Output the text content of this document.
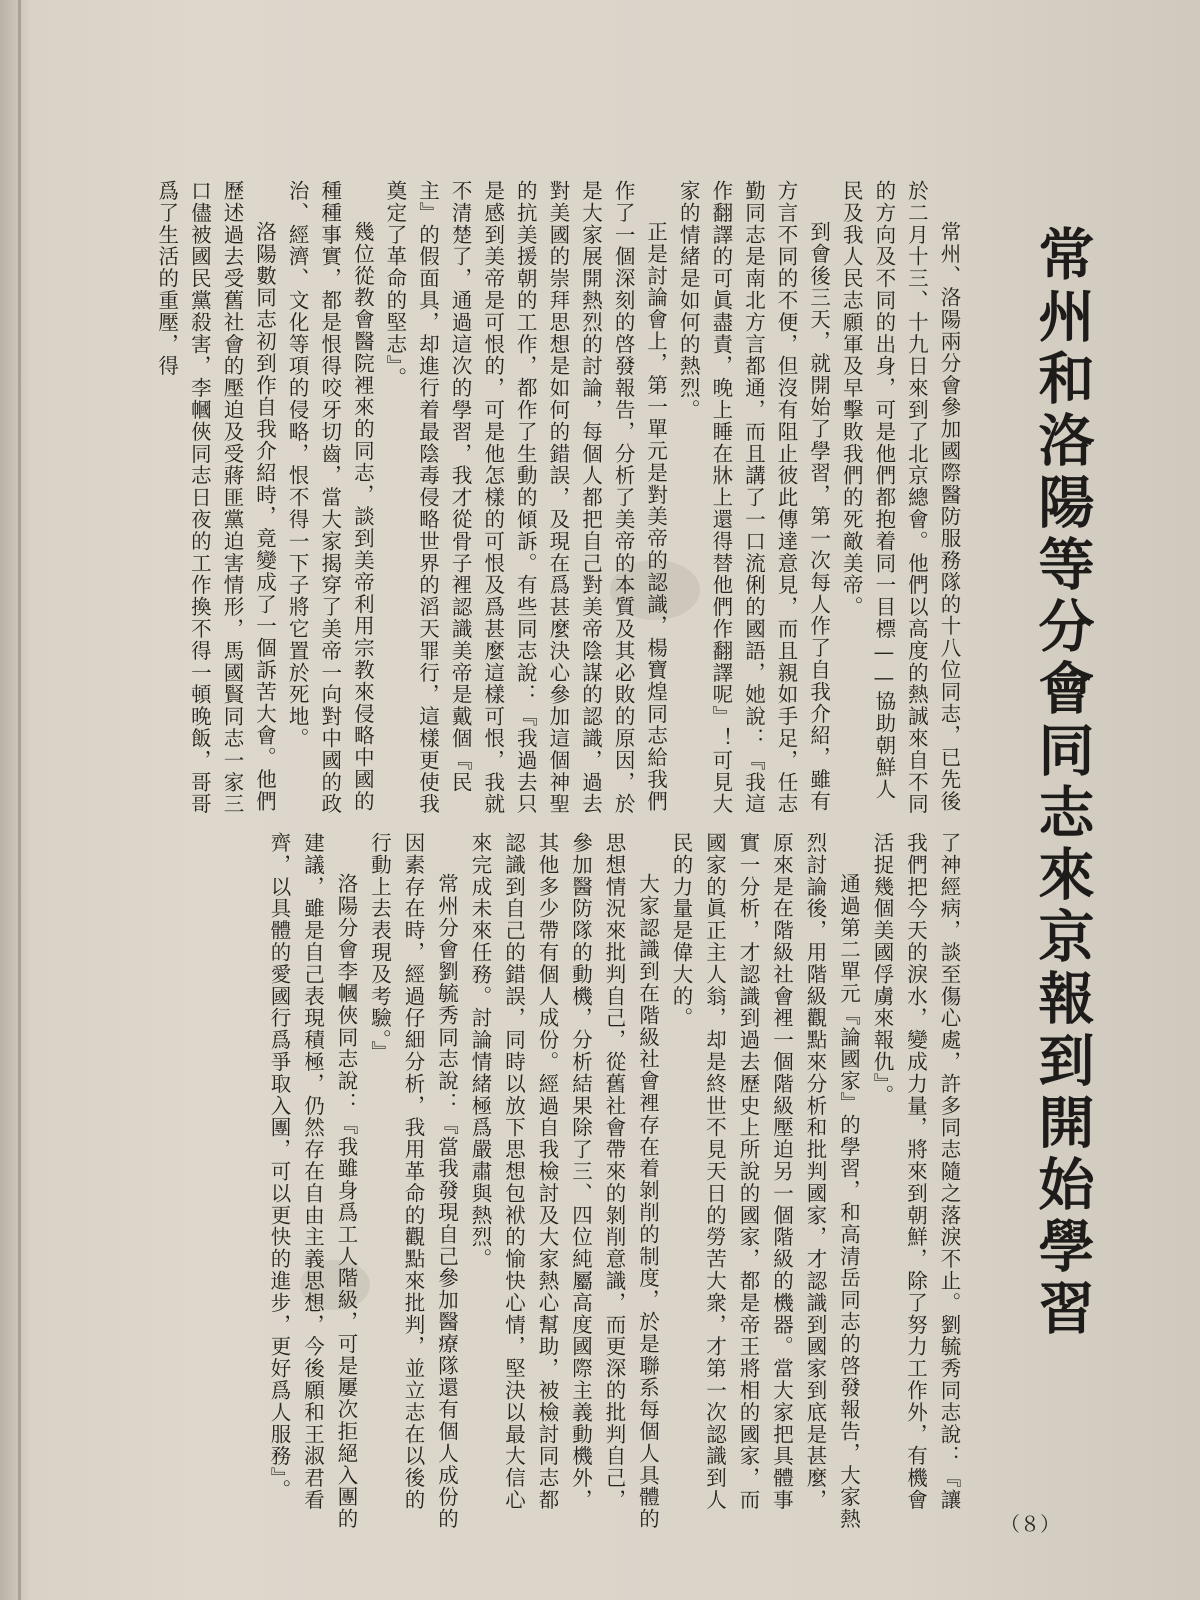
常州和洛陽等分會同志來京報到開始學習

常州、洛陽兩分會參加國際醫防服務隊的十八位同志，已先後於二月十三、十九日來到了北京總會。他們以高度的熱誠來自不同的方向及不同的出身，可是他們都抱着同一目標——協助朝鮮人民及我人民志願軍及早擊敗我們的死敵美帝。

到會後三天，就開始了學習，第一次每人作了自我介紹，雖有方言不同的不便，但沒有阻止彼此傳達意見，而且親如手足，任志勤同志是南北方言都通，而且講了一口流俐的國語，她說：『我這作翻譯的可眞盡責，晚上睡在牀上還得替他們作翻譯呢』！可見大家的情緒是如何的熱烈。

正是討論會上，第一單元是對美帝的認識，楊寶煌同志給我們作了一個深刻的啓發報告，分析了美帝的本質及其必敗的原因，於是大家展開熱烈的討論，每個人都把自己對美帝陰謀的認識，過去對美國的崇拜思想是如何的錯誤，及現在爲甚麼決心參加這個神聖的抗美援朝的工作，都作了生動的傾訴。有些同志說：『我過去只是感到美帝是可恨的，可是他怎樣的可恨及爲甚麼這樣可恨，我就不清楚了，通過這次的學習，我才從骨子裡認識美帝是戴個『民主』的假面具，却進行着最陰毒侵略世界的滔天罪行，這樣更使我奠定了革命的堅志』。

幾位從教會醫院裡來的同志，談到美帝利用宗教來侵略中國的種種事實，都是恨得咬牙切齒，當大家揭穿了美帝一向對中國的政治、經濟、文化等項的侵略，恨不得一下子將它置於死地。

洛陽數同志初到作自我介紹時，竟變成了一個訴苦大會。他們歷述過去受舊社會的壓迫及受蔣匪黨迫害情形，馬國賢同志一家三口儘被國民黨殺害，李幗俠同志日夜的工作換不得一頓晚飯，哥哥爲了生活的重壓，得

了神經病，談至傷心處，許多同志隨之落淚不止。劉毓秀同志說：『讓我們把今天的淚水，變成力量，將來到朝鮮，除了努力工作外，有機會活捉幾個美國俘虜來報仇』。

通過第二單元『論國家』的學習，和高清岳同志的啓發報告，大家熱烈討論後，用階級觀點來分析和批判國家，才認識到國家到底是甚麼，原來是在階級社會裡一個階級壓迫另一個階級的機器。當大家把具體事實一分析，才認識到過去歷史上所說的國家，都是帝王將相的國家，而國家的眞正主人翁，却是終世不見天日的勞苦大衆，才第一次認識到人民的力量是偉大的。

大家認識到在階級社會裡存在着剝削的制度，於是聯系每個人具體的思想情況來批判自己，從舊社會帶來的剝削意識，而更深的批判自己，參加醫防隊的動機，分析結果除了三、四位純屬高度國際主義動機外，其他多少帶有個人成份。經過自我檢討及大家熱心幫助，被檢討同志都認識到自己的錯誤，同時以放下思想包袱的愉快心情，堅決以最大信心來完成未來任務。討論情緒極爲嚴肅與熱烈。

常州分會劉毓秀同志說：『當我發現自己參加醫療隊還有個人成份的因素存在時，經過仔細分析，我用革命的觀點來批判，並立志在以後的行動上去表現及考驗。』

洛陽分會李幗俠同志說：『我雖身爲工人階級，可是屢次拒絕入團的建議，雖是自己表現積極，仍然存在自由主義思想，今後願和王淑君看齊，以具體的愛國行爲爭取入團，可以更快的進步，更好爲人服務』。

（８）
